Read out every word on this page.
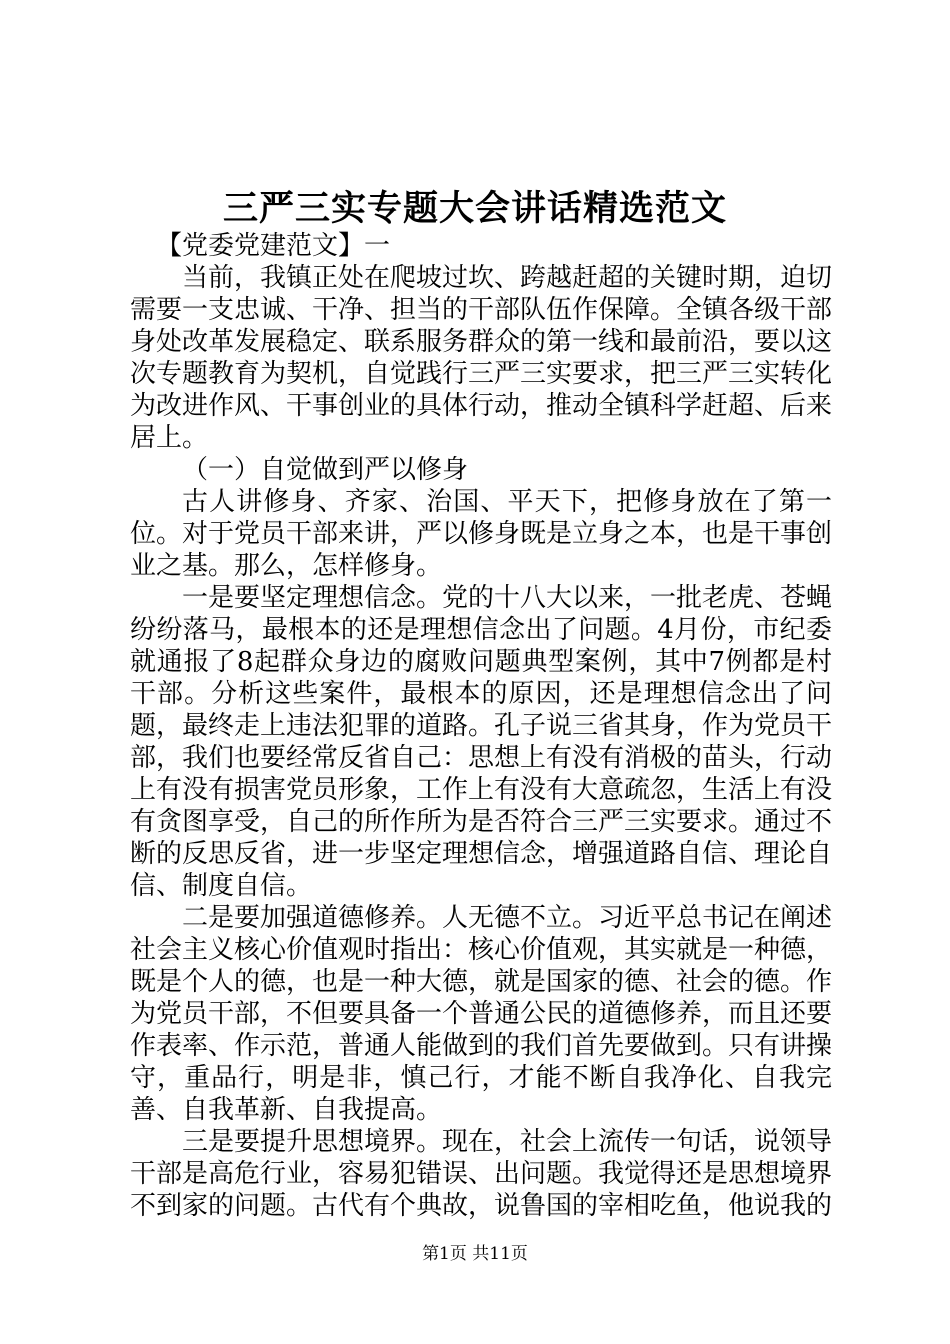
三严三实专题大会讲话精选范文

【党委党建范文】一

当前，我镇正处在爬坡过坎、跨越赶超的关键时期，迫切需要一支忠诚、干净、担当的干部队伍作保障。全镇各级干部身处改革发展稳定、联系服务群众的第一线和最前沿，要以这次专题教育为契机，自觉践行三严三实要求，把三严三实转化为改进作风、干事创业的具体行动，推动全镇科学赶超、后来居上。

（一）自觉做到严以修身

古人讲修身、齐家、治国、平天下，把修身放在了第一位。对于党员干部来讲，严以修身既是立身之本，也是干事创业之基。那么，怎样修身。

一是要坚定理想信念。党的十八大以来，一批老虎、苍蝇纷纷落马，最根本的还是理想信念出了问题。4月份，市纪委就通报了8起群众身边的腐败问题典型案例，其中7例都是村干部。分析这些案件，最根本的原因，还是理想信念出了问题，最终走上违法犯罪的道路。孔子说三省其身，作为党员干部，我们也要经常反省自己：思想上有没有消极的苗头，行动上有没有损害党员形象，工作上有没有大意疏忽，生活上有没有贪图享受，自己的所作所为是否符合三严三实要求。通过不断的反思反省，进一步坚定理想信念，增强道路自信、理论自信、制度自信。

二是要加强道德修养。人无德不立。习近平总书记在阐述社会主义核心价值观时指出：核心价值观，其实就是一种德，既是个人的德，也是一种大德，就是国家的德、社会的德。作为党员干部，不但要具备一个普通公民的道德修养，而且还要作表率、作示范，普通人能做到的我们首先要做到。只有讲操守，重品行，明是非，慎己行，才能不断自我净化、自我完善、自我革新、自我提高。

三是要提升思想境界。现在，社会上流传一句话，说领导干部是高危行业，容易犯错误、出问题。我觉得还是思想境界不到家的问题。古代有个典故，说鲁国的宰相吃鱼，他说我的

第1页 共11页
